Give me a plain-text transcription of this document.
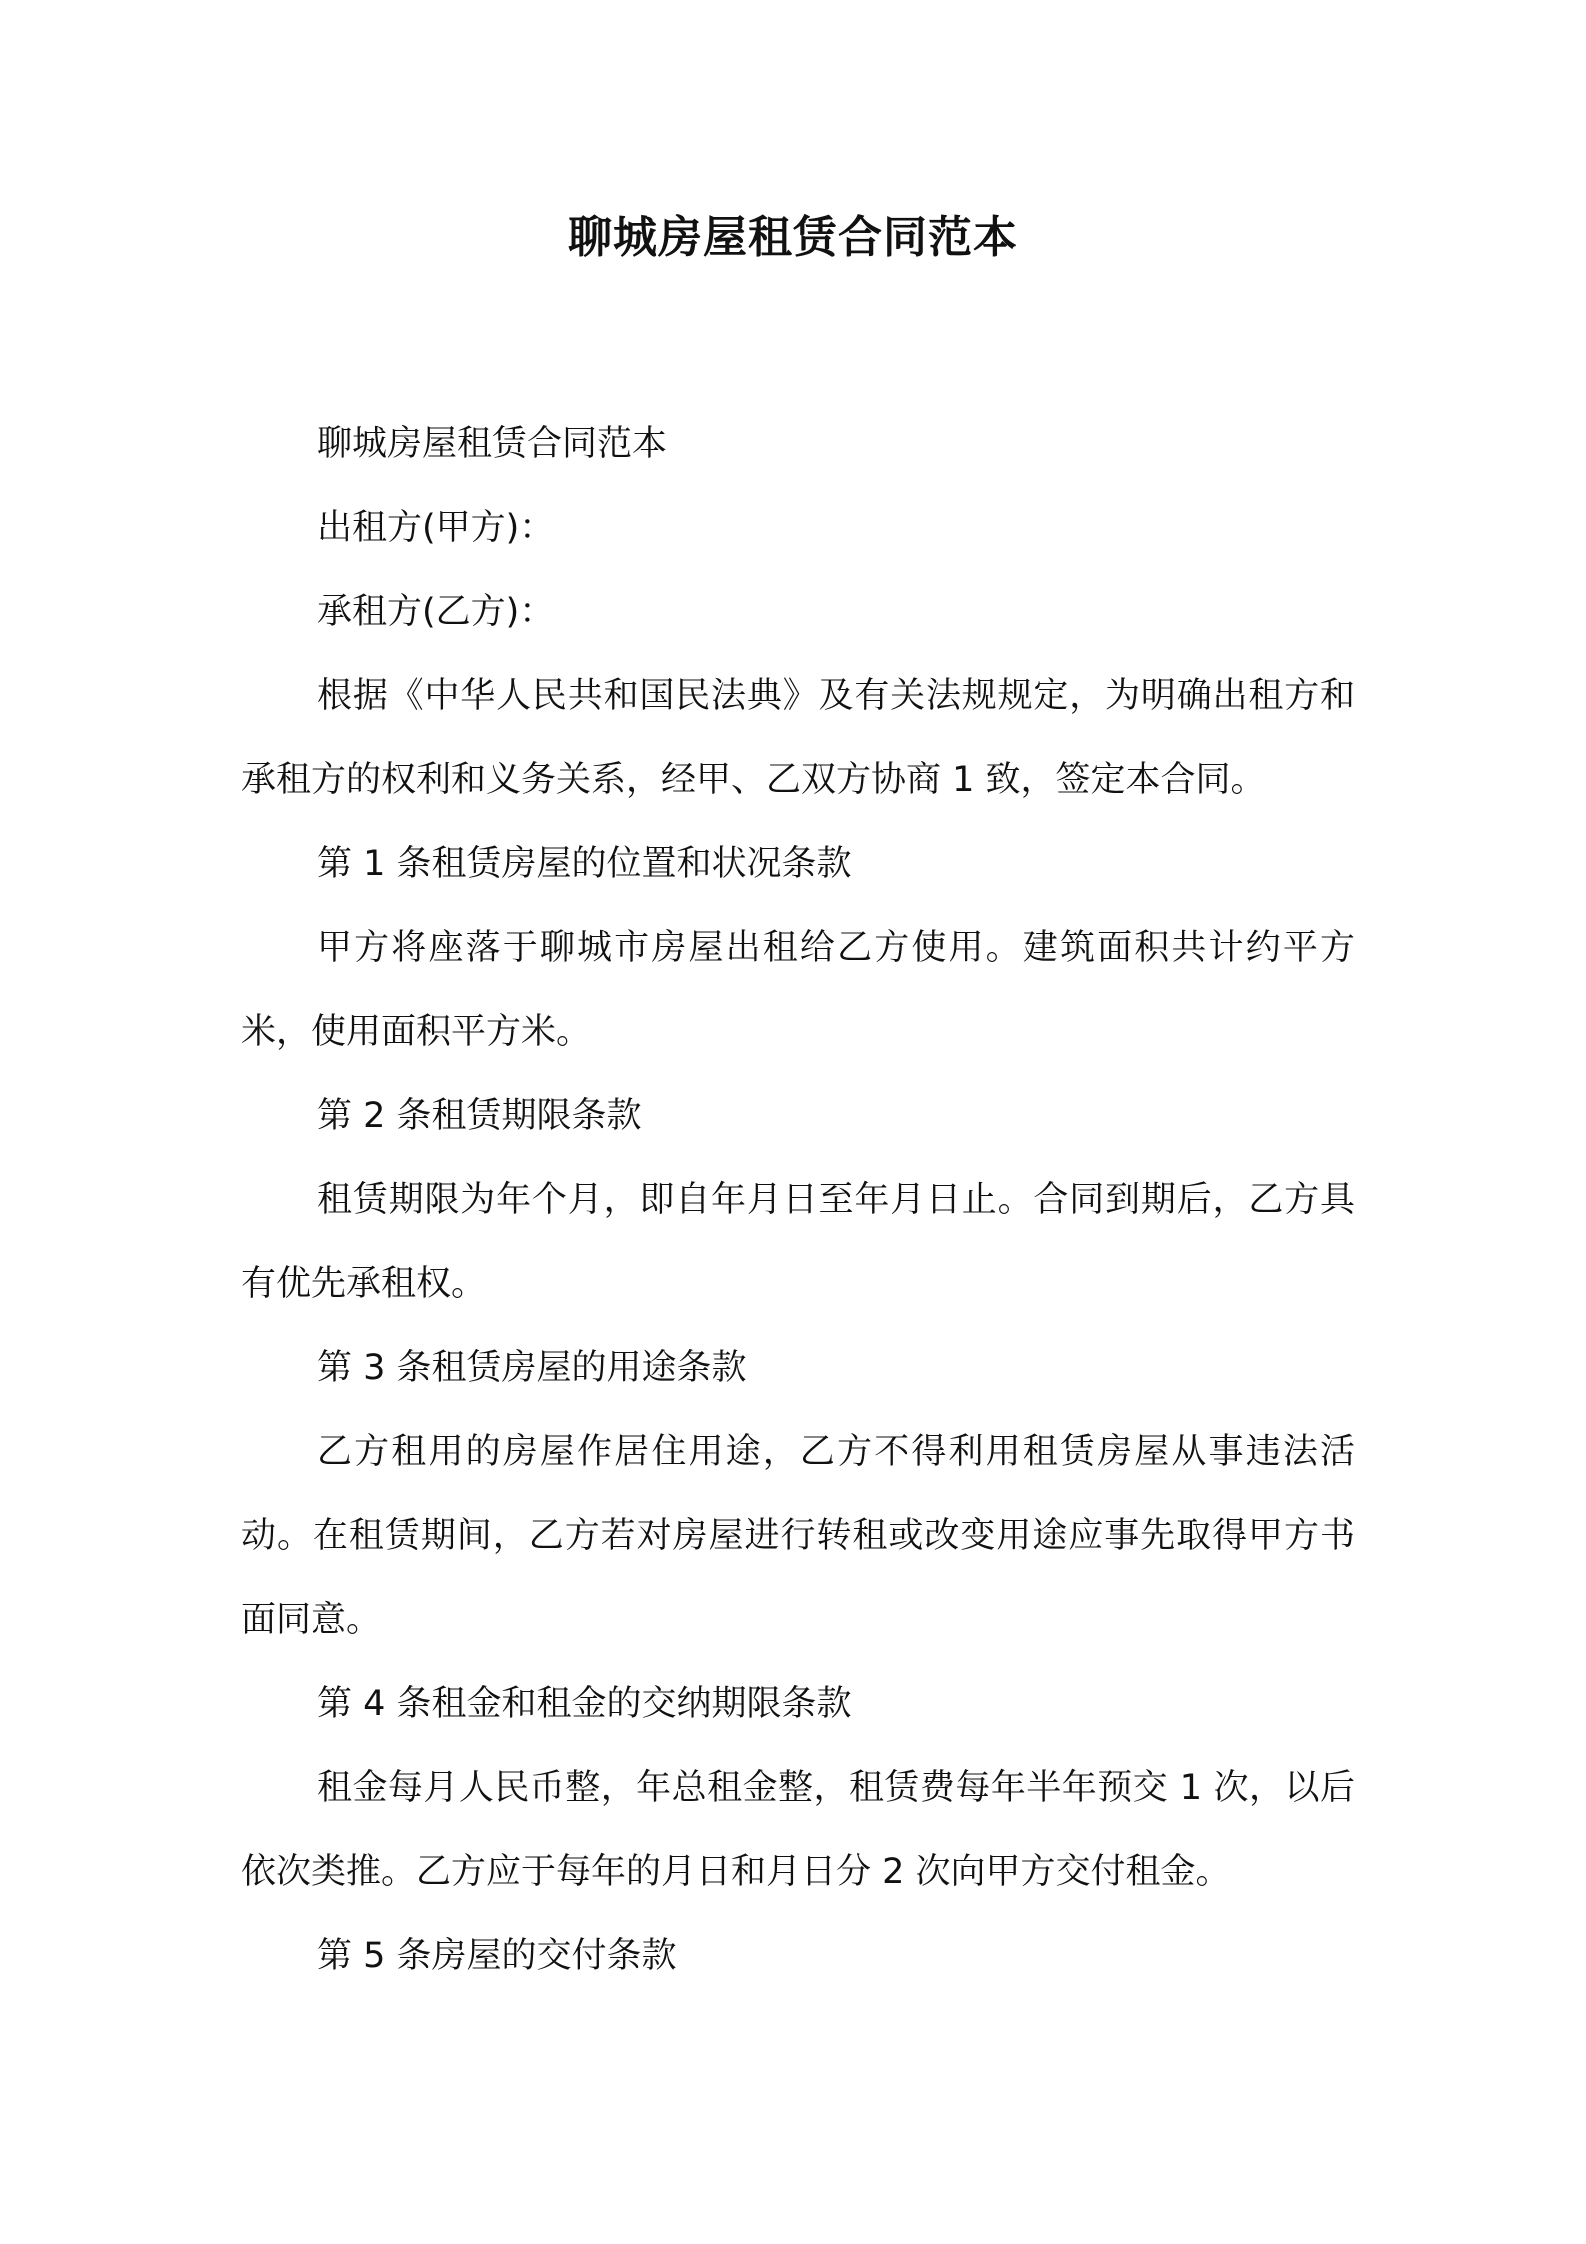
聊城房屋租赁合同范本

聊城房屋租赁合同范本

出租方(甲方)：

承租方(乙方)：

根据《中华人民共和国民法典》及有关法规规定，为明确出租方和承租方的权利和义务关系，经甲、乙双方协商 1 致，签定本合同。

第 1 条租赁房屋的位置和状况条款

甲方将座落于聊城市房屋出租给乙方使用。建筑面积共计约平方米，使用面积平方米。

第 2 条租赁期限条款

租赁期限为年个月，即自年月日至年月日止。合同到期后，乙方具有优先承租权。

第 3 条租赁房屋的用途条款

乙方租用的房屋作居住用途，乙方不得利用租赁房屋从事违法活动。在租赁期间，乙方若对房屋进行转租或改变用途应事先取得甲方书面同意。

第 4 条租金和租金的交纳期限条款

租金每月人民币整，年总租金整，租赁费每年半年预交 1 次，以后依次类推。乙方应于每年的月日和月日分 2 次向甲方交付租金。

第 5 条房屋的交付条款
